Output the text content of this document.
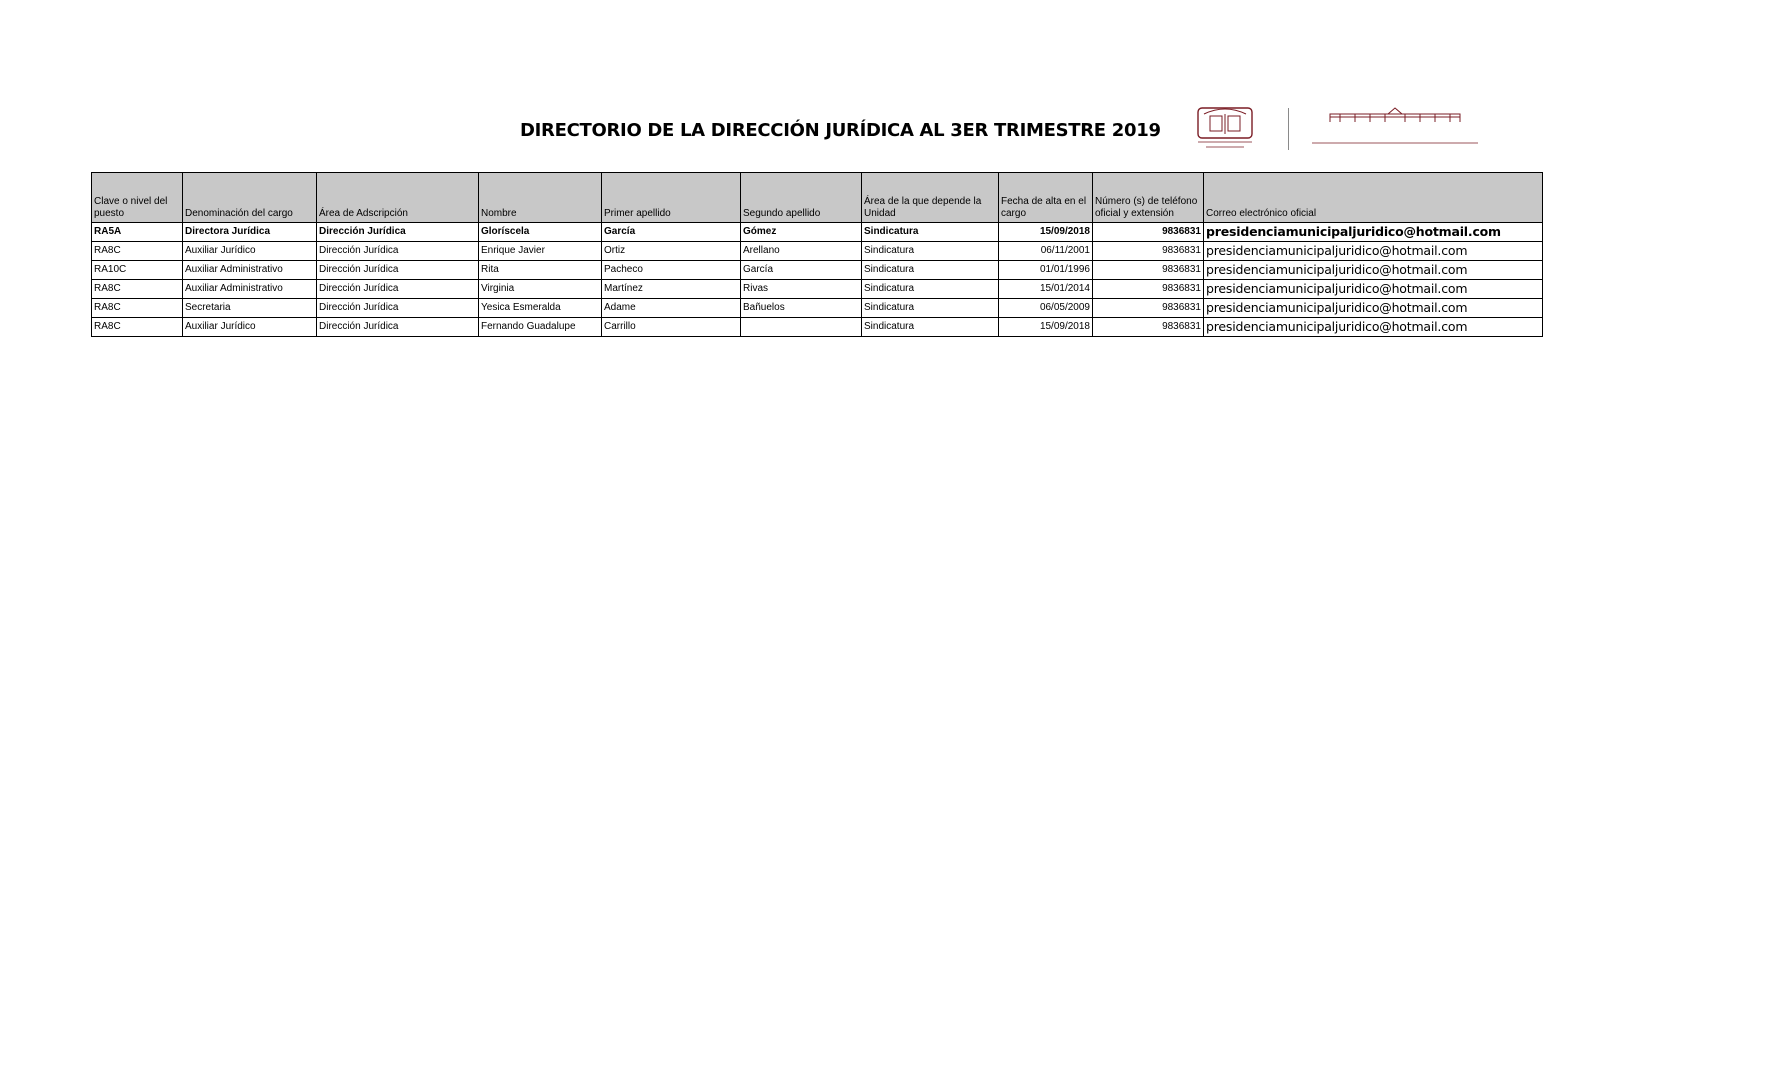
DIRECTORIO DE LA DIRECCIÓN JURÍDICA AL 3ER TRIMESTRE 2019
Clave o nivel del puesto	Denominación del cargo	Área de Adscripción	Nombre	Primer apellido	Segundo apellido	Área de la que depende la Unidad	Fecha de alta en el cargo	Número (s) de teléfono oficial y extensión	Correo electrónico oficial
RA5A	Directora Jurídica	Dirección Jurídica	Gloríscela	García	Gómez	Sindicatura	15/09/2018	9836831	presidenciamunicipaljuridico@hotmail.com
RA8C	Auxiliar Jurídico	Dirección Jurídica	Enrique Javier	Ortiz	Arellano	Sindicatura	06/11/2001	9836831	presidenciamunicipaljuridico@hotmail.com
RA10C	Auxiliar Administrativo	Dirección Jurídica	Rita	Pacheco	García	Sindicatura	01/01/1996	9836831	presidenciamunicipaljuridico@hotmail.com
RA8C	Auxiliar Administrativo	Dirección Jurídica	Virginia	Martínez	Rivas	Sindicatura	15/01/2014	9836831	presidenciamunicipaljuridico@hotmail.com
RA8C	Secretaria	Dirección Jurídica	Yesica Esmeralda	Adame	Bañuelos	Sindicatura	06/05/2009	9836831	presidenciamunicipaljuridico@hotmail.com
RA8C	Auxiliar Jurídico	Dirección Jurídica	Fernando Guadalupe	Carrillo		Sindicatura	15/09/2018	9836831	presidenciamunicipaljuridico@hotmail.com
